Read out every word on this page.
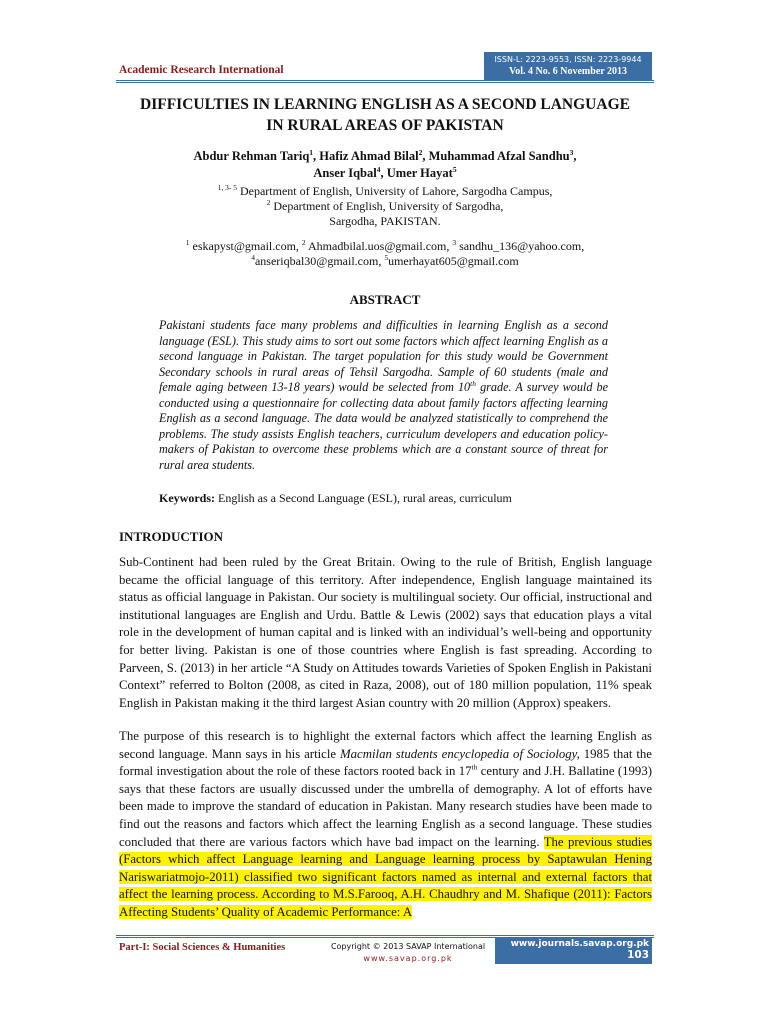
Academic Research International
ISSN-L: 2223-9553, ISSN: 2223-9944
Vol. 4 No. 6 November 2013
DIFFICULTIES IN LEARNING ENGLISH AS A SECOND LANGUAGE
IN RURAL AREAS OF PAKISTAN
Abdur Rehman Tariq$^1$, Hafiz Ahmad Bilal$^2$, Muhammad Afzal Sandhu$^3$,
Anser Iqbal$^4$, Umer Hayat$^5$
$^{1, 3- 5}$ Department of English, University of Lahore, Sargodha Campus,
$^2$ Department of English, University of Sargodha,
Sargodha, PAKISTAN.
$^1$ eskapyst@gmail.com, $^2$ Ahmadbilal.uos@gmail.com, $^3$ sandhu_136@yahoo.com,
$^4$anseriqbal30@gmail.com, $^5$umerhayat605@gmail.com
ABSTRACT

Pakistani students face many problems and difficulties in learning English as a second language (ESL). This study aims to sort out some factors which affect learning English as a second language in Pakistan. The target population for this study would be Government Secondary schools in rural areas of Tehsil Sargodha. Sample of 60 students (male and female aging between 13-18 years) would be selected from 10th grade. A survey would be conducted using a questionnaire for collecting data about family factors affecting learning English as a second language. The data would be analyzed statistically to comprehend the problems. The study assists English teachers, curriculum developers and education policy-makers of Pakistan to overcome these problems which are a constant source of threat for rural area students.

Keywords: English as a Second Language (ESL), rural areas, curriculum
INTRODUCTION

Sub-Continent had been ruled by the Great Britain. Owing to the rule of British, English language became the official language of this territory. After independence, English language maintained its status as official language in Pakistan. Our society is multilingual society. Our official, instructional and institutional languages are English and Urdu. Battle & Lewis (2002) says that education plays a vital role in the development of human capital and is linked with an individual’s well-being and opportunity for better living. Pakistan is one of those countries where English is fast spreading. According to Parveen, S. (2013) in her article “A Study on Attitudes towards Varieties of Spoken English in Pakistani Context” referred to Bolton (2008, as cited in Raza, 2008), out of 180 million population, 11% speak English in Pakistan making it the third largest Asian country with 20 million (Approx) speakers.

The purpose of this research is to highlight the external factors which affect the learning English as second language. Mann says in his article Macmilan students encyclopedia of Sociology, 1985 that the formal investigation about the role of these factors rooted back in 17th century and J.H. Ballatine (1993) says that these factors are usually discussed under the umbrella of demography. A lot of efforts have been made to improve the standard of education in Pakistan. Many research studies have been made to find out the reasons and factors which affect the learning English as a second language. These studies concluded that there are various factors which have bad impact on the learning. The previous studies (Factors which affect Language learning and Language learning process by Saptawulan Hening Nariswariatmojo-2011) classified two significant factors named as internal and external factors that affect the learning process. According to M.S.Farooq, A.H. Chaudhry and M. Shafique (2011): Factors Affecting Students’ Quality of Academic Performance: A

Part-I: Social Sciences & Humanities	Copyright © 2013 SAVAP International
www.savap.org.pk
www.journals.savap.org.pk
103
